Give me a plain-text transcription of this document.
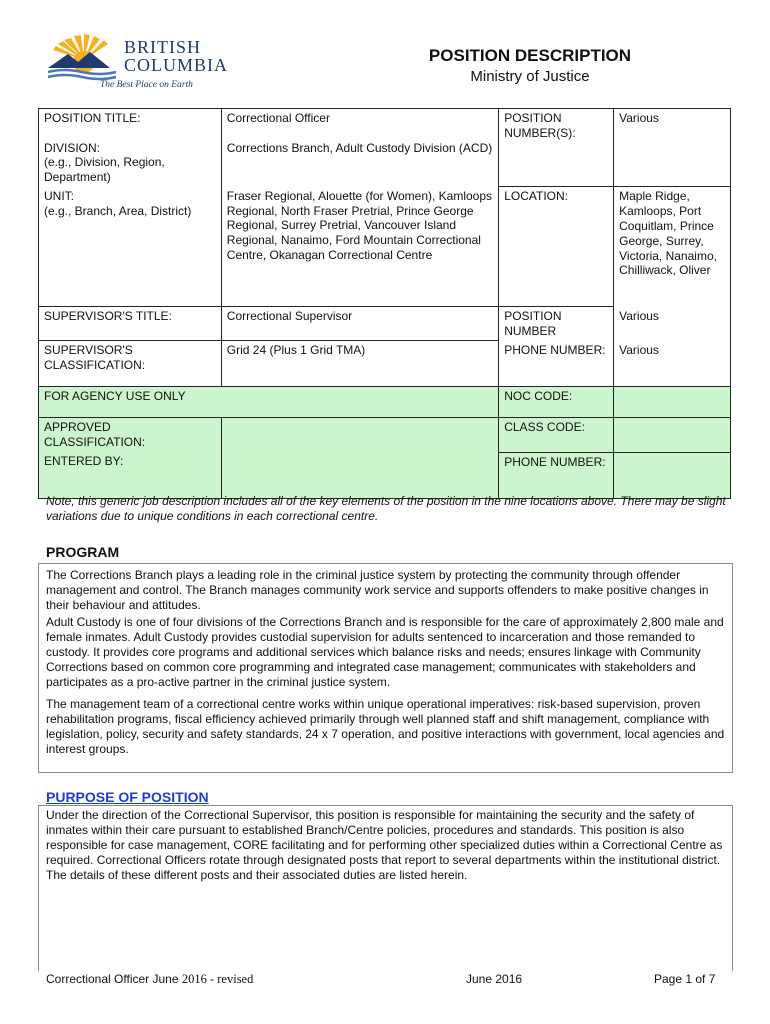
BRITISH
COLUMBIA
The Best Place on Earth
POSITION DESCRIPTION
Ministry of Justice
POSITION TITLE:	Correctional Officer	POSITION NUMBER(S):	Various
DIVISION:
(e.g., Division, Region, Department)	Corrections Branch, Adult Custody Division (ACD)		
UNIT:
(e.g., Branch, Area, District)	Fraser Regional, Alouette (for Women), Kamloops Regional, North Fraser Pretrial, Prince George Regional, Surrey Pretrial, Vancouver Island Regional, Nanaimo, Ford Mountain Correctional Centre, Okanagan Correctional Centre	LOCATION:	Maple Ridge, Kamloops, Port Coquitlam, Prince George, Surrey, Victoria, Nanaimo, Chilliwack, Oliver
SUPERVISOR'S TITLE:	Correctional Supervisor	POSITION NUMBER	Various
SUPERVISOR'S CLASSIFICATION:	Grid 24 (Plus 1 Grid TMA)	PHONE NUMBER:	Various
FOR AGENCY USE ONLY		NOC CODE:	
APPROVED CLASSIFICATION:		CLASS CODE:	
ENTERED BY:		PHONE NUMBER:	
Note, this generic job description includes all of the key elements of the position in the nine locations above. There may be slight variations due to unique conditions in each correctional centre.
PROGRAM
The Corrections Branch plays a leading role in the criminal justice system by protecting the community through offender management and control. The Branch manages community work service and supports offenders to make positive changes in their behaviour and attitudes.
Adult Custody is one of four divisions of the Corrections Branch and is responsible for the care of approximately 2,800 male and female inmates. Adult Custody provides custodial supervision for adults sentenced to incarceration and those remanded to custody. It provides core programs and additional services which balance risks and needs; ensures linkage with Community Corrections based on common core programming and integrated case management; communicates with stakeholders and participates as a pro-active partner in the criminal justice system.
The management team of a correctional centre works within unique operational imperatives: risk-based supervision, proven rehabilitation programs, fiscal efficiency achieved primarily through well planned staff and shift management, compliance with legislation, policy, security and safety standards, 24 x 7 operation, and positive interactions with government, local agencies and interest groups.
PURPOSE OF POSITION
Under the direction of the Correctional Supervisor, this position is responsible for maintaining the security and the safety of inmates within their care pursuant to established Branch/Centre policies, procedures and standards. This position is also responsible for case management, CORE facilitating and for performing other specialized duties within a Correctional Centre as required. Correctional Officers rotate through designated posts that report to several departments within the institutional district. The details of these different posts and their associated duties are listed herein.
Correctional Officer June 2016 - revised	June 2016	Page 1 of 7
